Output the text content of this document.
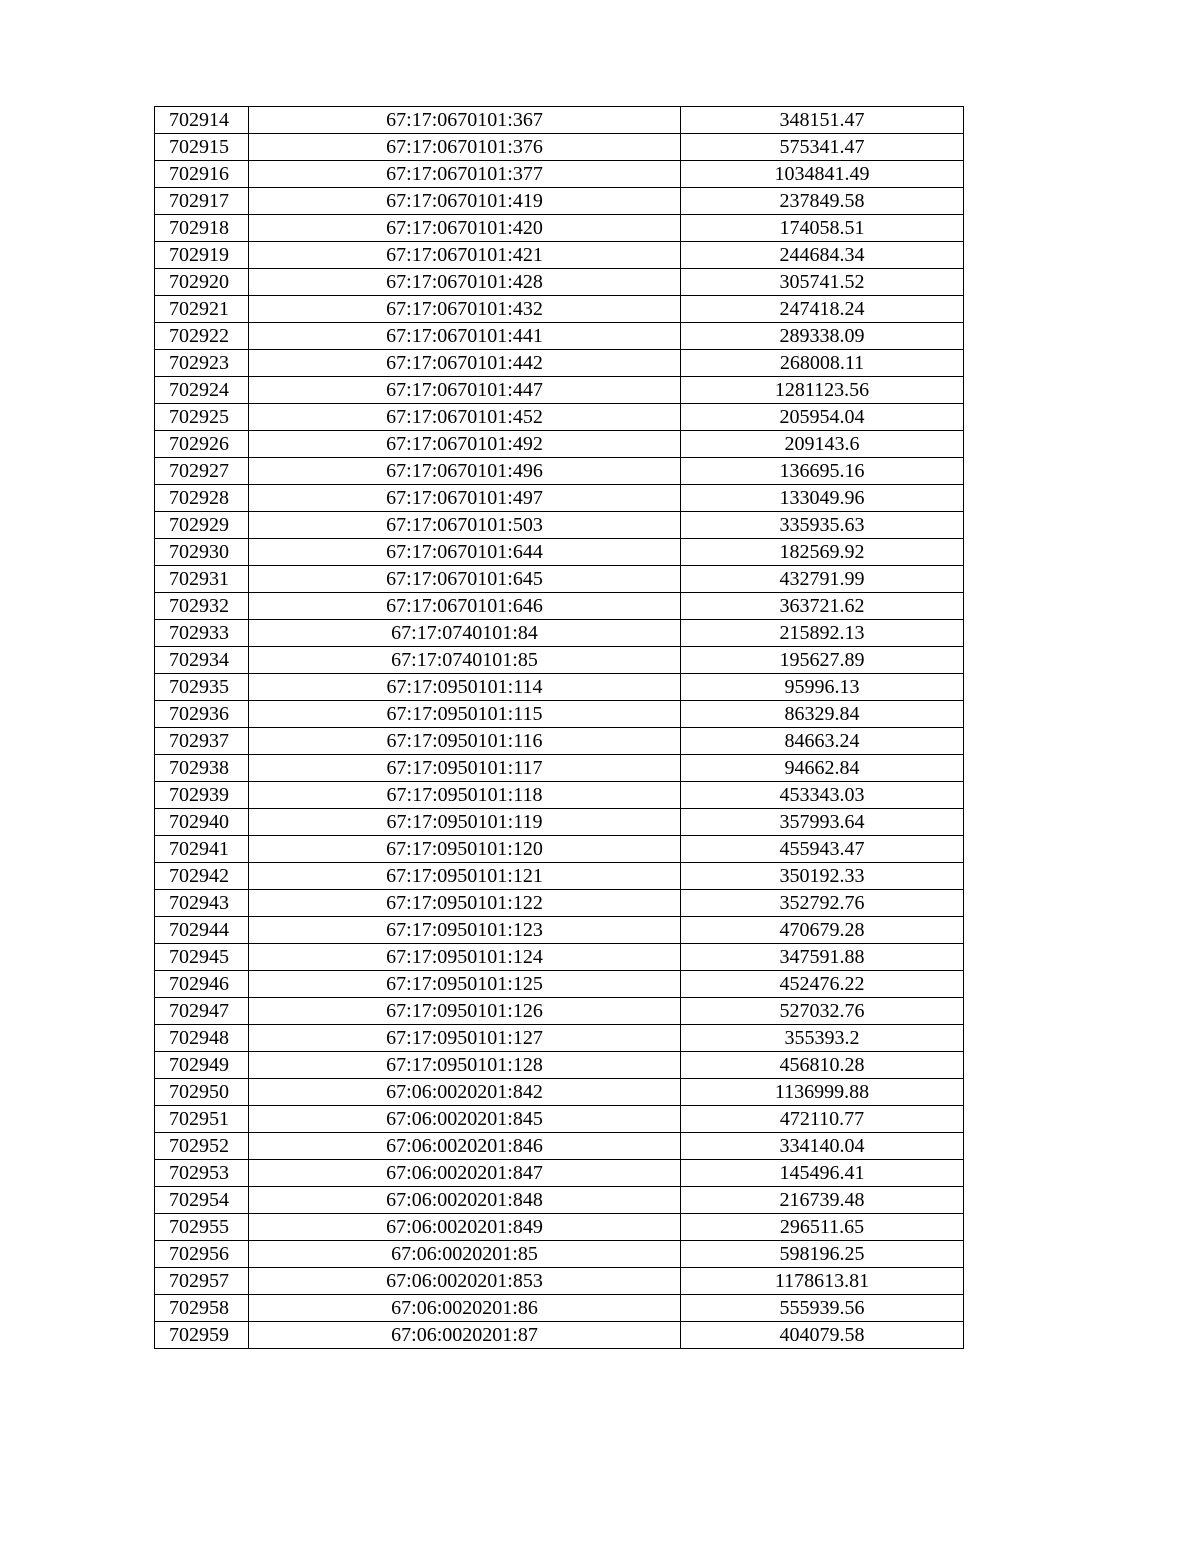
702914	67:17:0670101:367	348151.47
702915	67:17:0670101:376	575341.47
702916	67:17:0670101:377	1034841.49
702917	67:17:0670101:419	237849.58
702918	67:17:0670101:420	174058.51
702919	67:17:0670101:421	244684.34
702920	67:17:0670101:428	305741.52
702921	67:17:0670101:432	247418.24
702922	67:17:0670101:441	289338.09
702923	67:17:0670101:442	268008.11
702924	67:17:0670101:447	1281123.56
702925	67:17:0670101:452	205954.04
702926	67:17:0670101:492	209143.6
702927	67:17:0670101:496	136695.16
702928	67:17:0670101:497	133049.96
702929	67:17:0670101:503	335935.63
702930	67:17:0670101:644	182569.92
702931	67:17:0670101:645	432791.99
702932	67:17:0670101:646	363721.62
702933	67:17:0740101:84	215892.13
702934	67:17:0740101:85	195627.89
702935	67:17:0950101:114	95996.13
702936	67:17:0950101:115	86329.84
702937	67:17:0950101:116	84663.24
702938	67:17:0950101:117	94662.84
702939	67:17:0950101:118	453343.03
702940	67:17:0950101:119	357993.64
702941	67:17:0950101:120	455943.47
702942	67:17:0950101:121	350192.33
702943	67:17:0950101:122	352792.76
702944	67:17:0950101:123	470679.28
702945	67:17:0950101:124	347591.88
702946	67:17:0950101:125	452476.22
702947	67:17:0950101:126	527032.76
702948	67:17:0950101:127	355393.2
702949	67:17:0950101:128	456810.28
702950	67:06:0020201:842	1136999.88
702951	67:06:0020201:845	472110.77
702952	67:06:0020201:846	334140.04
702953	67:06:0020201:847	145496.41
702954	67:06:0020201:848	216739.48
702955	67:06:0020201:849	296511.65
702956	67:06:0020201:85	598196.25
702957	67:06:0020201:853	1178613.81
702958	67:06:0020201:86	555939.56
702959	67:06:0020201:87	404079.58
